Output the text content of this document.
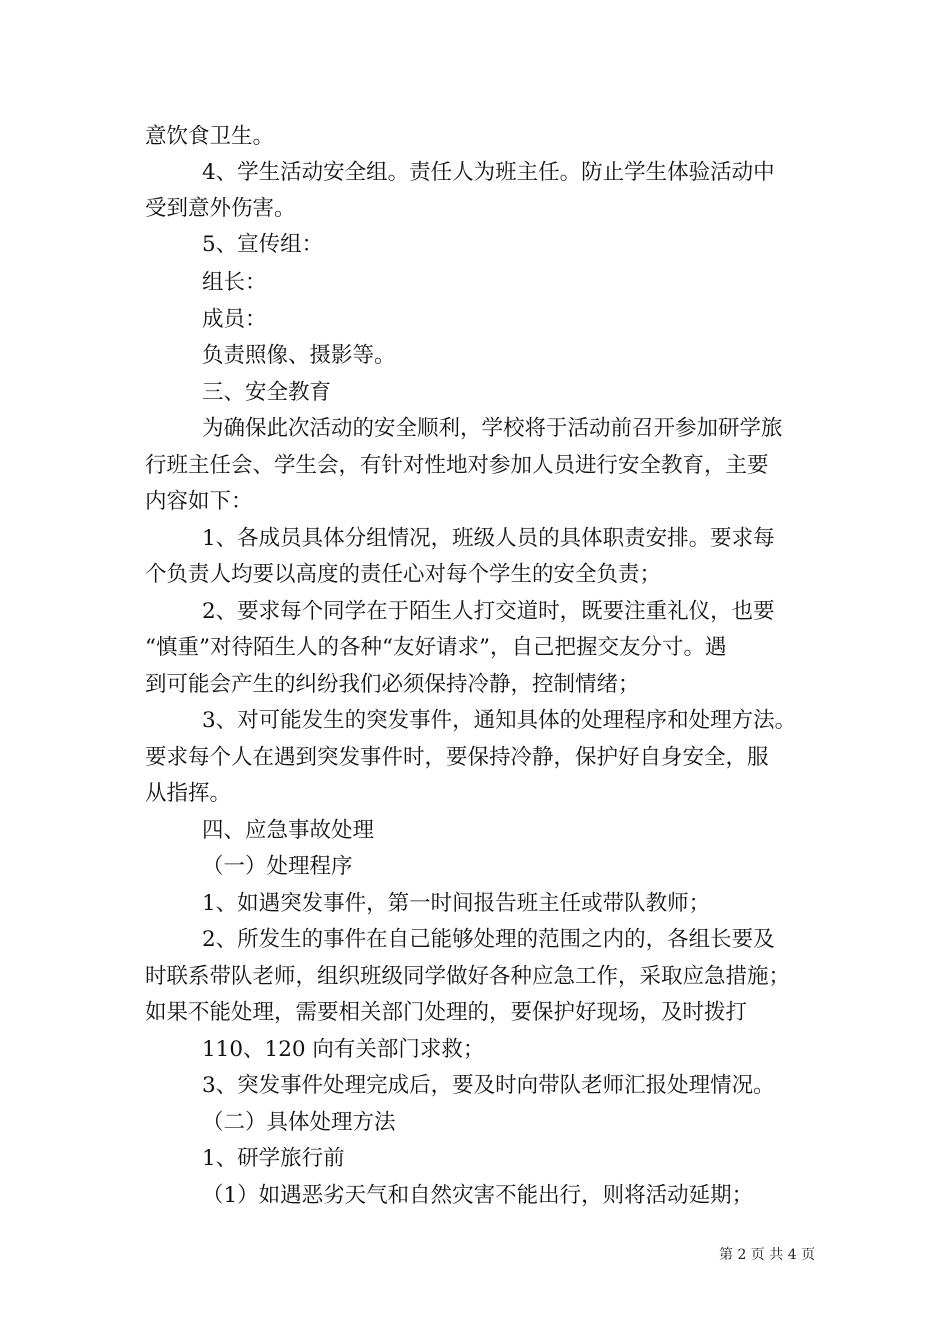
意饮食卫生。
4、学生活动安全组。责任人为班主任。防止学生体验活动中
受到意外伤害。
5、宣传组：
组长：
成员：
负责照像、摄影等。
三、安全教育
为确保此次活动的安全顺利，学校将于活动前召开参加研学旅
行班主任会、学生会，有针对性地对参加人员进行安全教育，主要
内容如下：
1、各成员具体分组情况，班级人员的具体职责安排。要求每
个负责人均要以高度的责任心对每个学生的安全负责；
2、要求每个同学在于陌生人打交道时，既要注重礼仪，也要
“慎重”对待陌生人的各种“友好请求”，自己把握交友分寸。遇
到可能会产生的纠纷我们必须保持冷静，控制情绪；
3、对可能发生的突发事件，通知具体的处理程序和处理方法。
要求每个人在遇到突发事件时，要保持冷静，保护好自身安全，服
从指挥。
四、应急事故处理
（一）处理程序
1、如遇突发事件，第一时间报告班主任或带队教师；
2、所发生的事件在自己能够处理的范围之内的，各组长要及
时联系带队老师，组织班级同学做好各种应急工作，采取应急措施；
如果不能处理，需要相关部门处理的，要保护好现场，及时拨打
110、120 向有关部门求救；
3、突发事件处理完成后，要及时向带队老师汇报处理情况。
（二）具体处理方法
1、研学旅行前
（1）如遇恶劣天气和自然灾害不能出行，则将活动延期；
第 2 页 共 4 页
